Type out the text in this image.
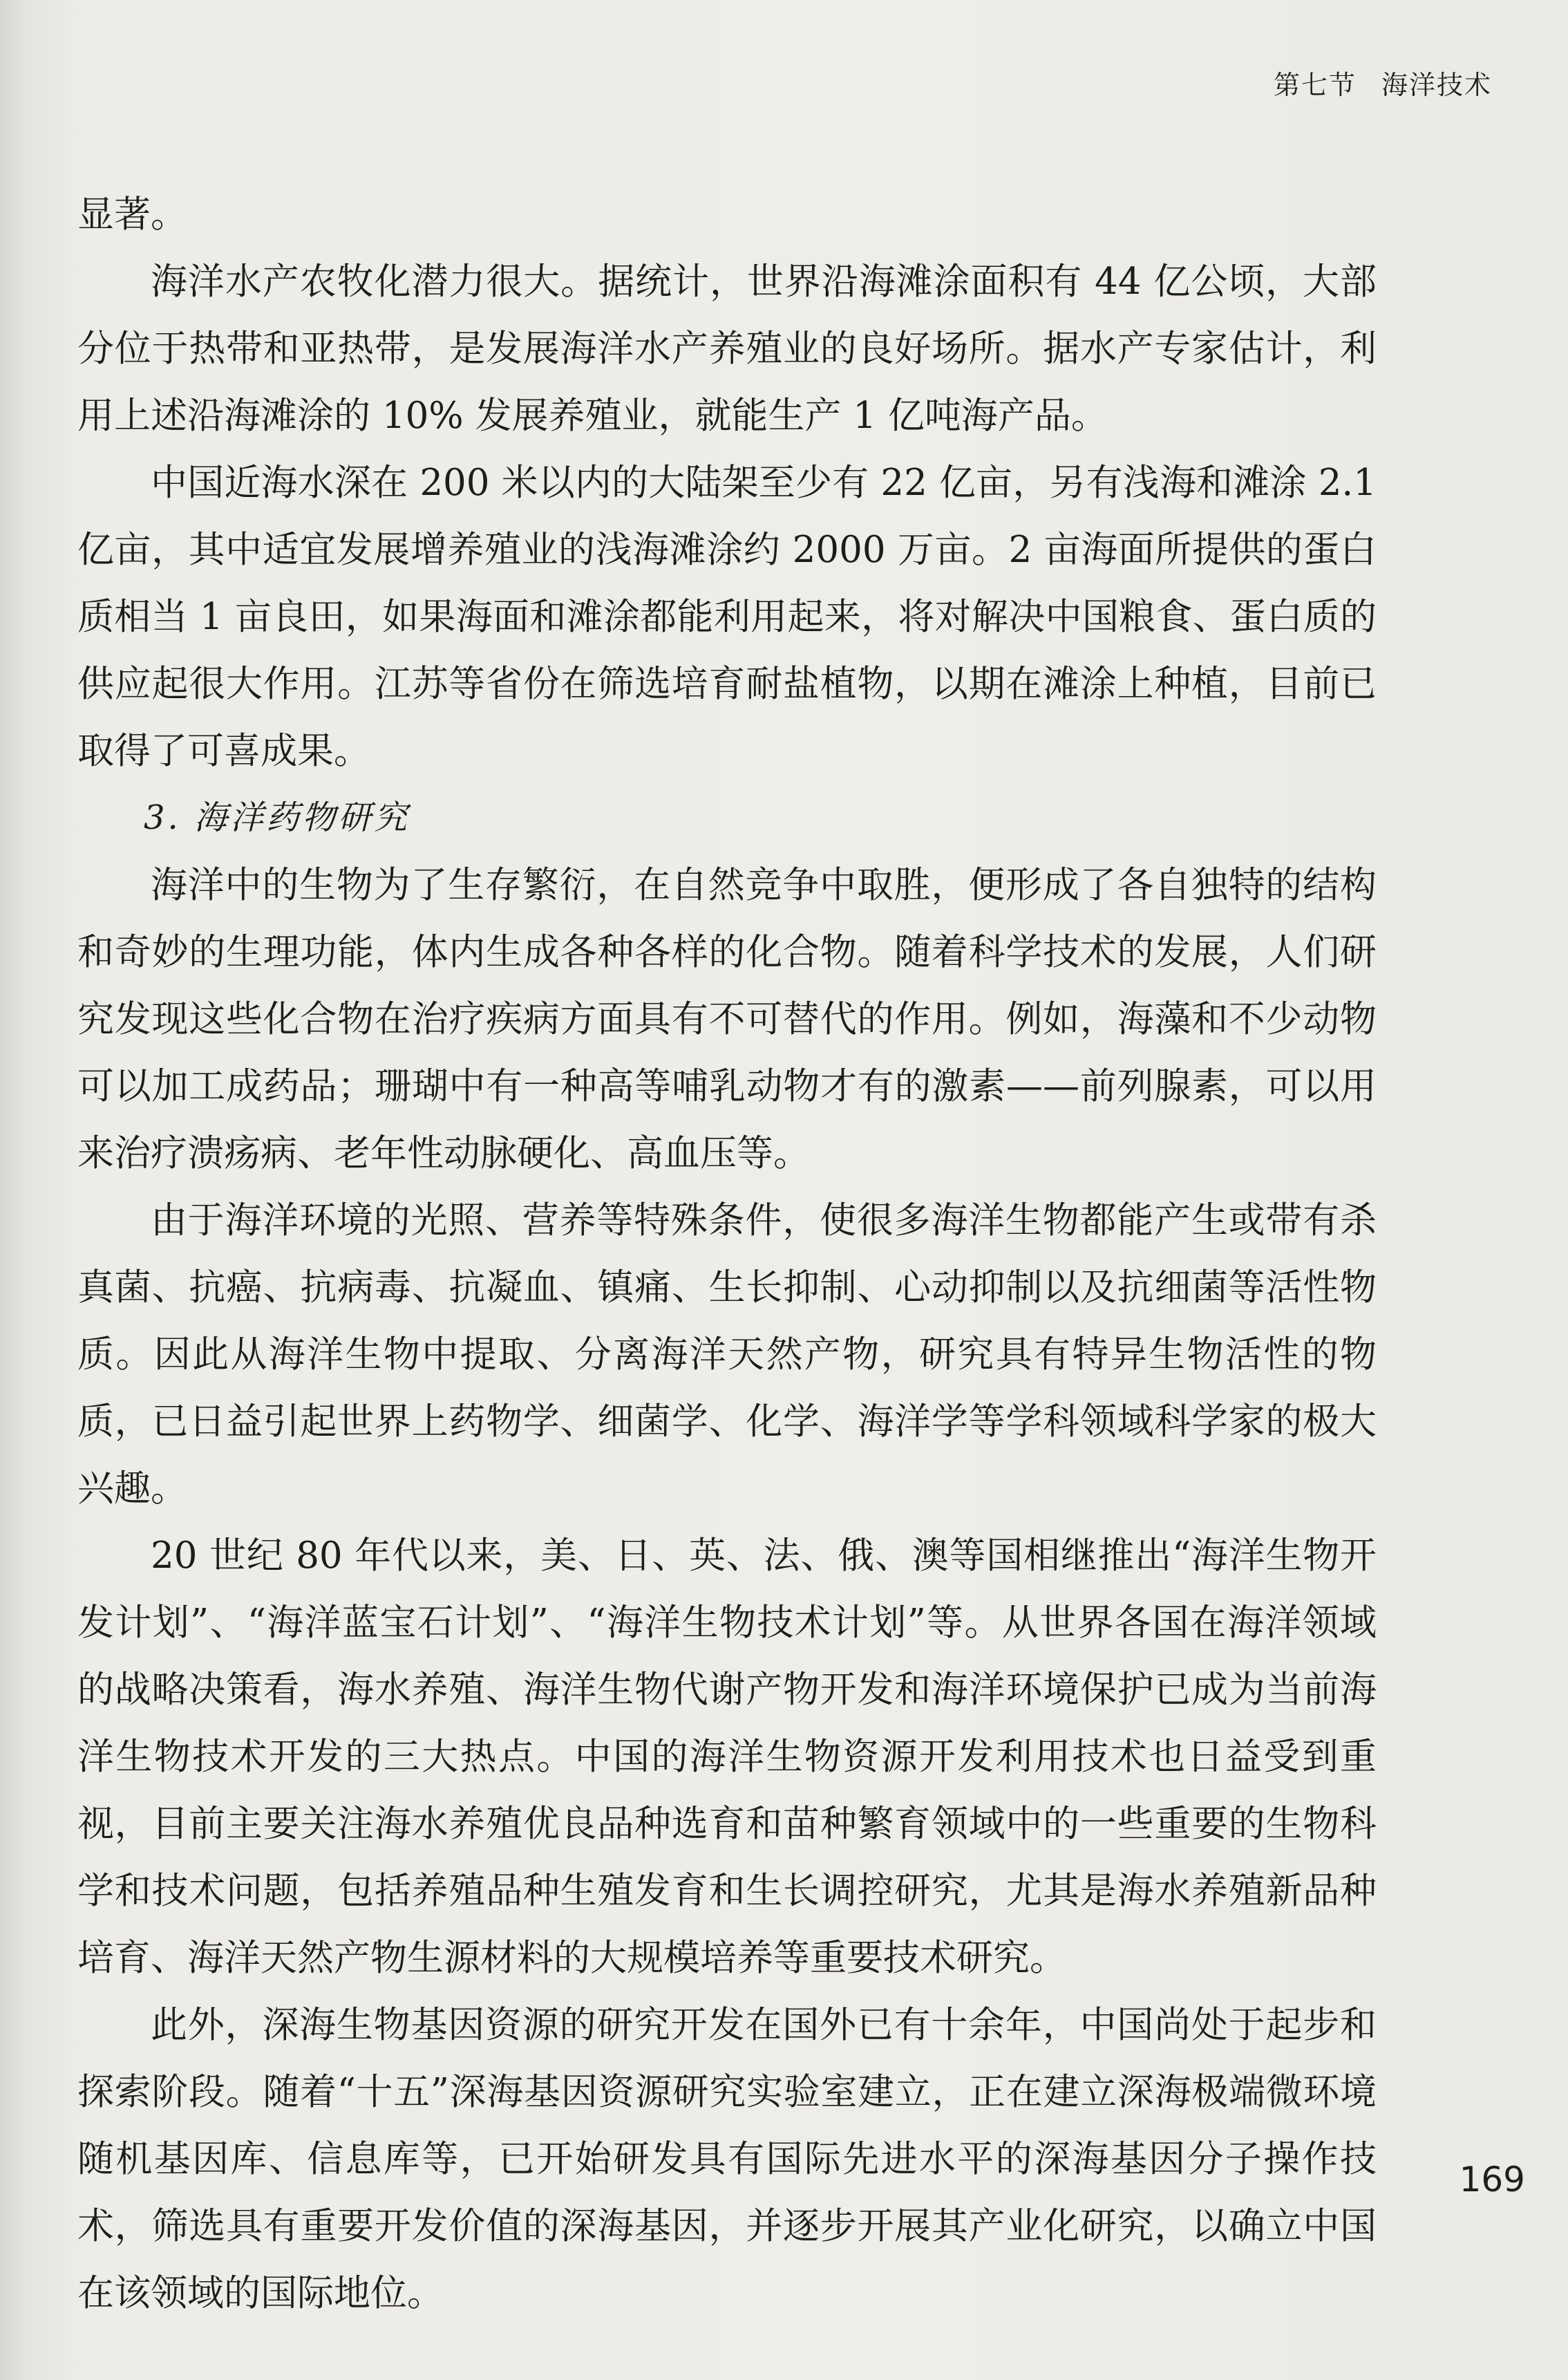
第七节 海洋技术

显著。

海洋水产农牧化潜力很大。据统计，世界沿海滩涂面积有 44 亿公顷，大部分位于热带和亚热带，是发展海洋水产养殖业的良好场所。据水产专家估计，利用上述沿海滩涂的 10% 发展养殖业，就能生产 1 亿吨海产品。

中国近海水深在 200 米以内的大陆架至少有 22 亿亩，另有浅海和滩涂 2.1 亿亩，其中适宜发展增养殖业的浅海滩涂约 2000 万亩。2 亩海面所提供的蛋白质相当 1 亩良田，如果海面和滩涂都能利用起来，将对解决中国粮食、蛋白质的供应起很大作用。江苏等省份在筛选培育耐盐植物，以期在滩涂上种植，目前已取得了可喜成果。

3. 海洋药物研究

海洋中的生物为了生存繁衍，在自然竞争中取胜，便形成了各自独特的结构和奇妙的生理功能，体内生成各种各样的化合物。随着科学技术的发展，人们研究发现这些化合物在治疗疾病方面具有不可替代的作用。例如，海藻和不少动物可以加工成药品；珊瑚中有一种高等哺乳动物才有的激素——前列腺素，可以用来治疗溃疡病、老年性动脉硬化、高血压等。

由于海洋环境的光照、营养等特殊条件，使很多海洋生物都能产生或带有杀真菌、抗癌、抗病毒、抗凝血、镇痛、生长抑制、心动抑制以及抗细菌等活性物质。因此从海洋生物中提取、分离海洋天然产物，研究具有特异生物活性的物质，已日益引起世界上药物学、细菌学、化学、海洋学等学科领域科学家的极大兴趣。

20 世纪 80 年代以来，美、日、英、法、俄、澳等国相继推出“海洋生物开发计划”、“海洋蓝宝石计划”、“海洋生物技术计划”等。从世界各国在海洋领域的战略决策看，海水养殖、海洋生物代谢产物开发和海洋环境保护已成为当前海洋生物技术开发的三大热点。中国的海洋生物资源开发利用技术也日益受到重视，目前主要关注海水养殖优良品种选育和苗种繁育领域中的一些重要的生物科学和技术问题，包括养殖品种生殖发育和生长调控研究，尤其是海水养殖新品种培育、海洋天然产物生源材料的大规模培养等重要技术研究。

此外，深海生物基因资源的研究开发在国外已有十余年，中国尚处于起步和探索阶段。随着“十五”深海基因资源研究实验室建立，正在建立深海极端微环境随机基因库、信息库等，已开始研发具有国际先进水平的深海基因分子操作技术，筛选具有重要开发价值的深海基因，并逐步开展其产业化研究，以确立中国在该领域的国际地位。

169
